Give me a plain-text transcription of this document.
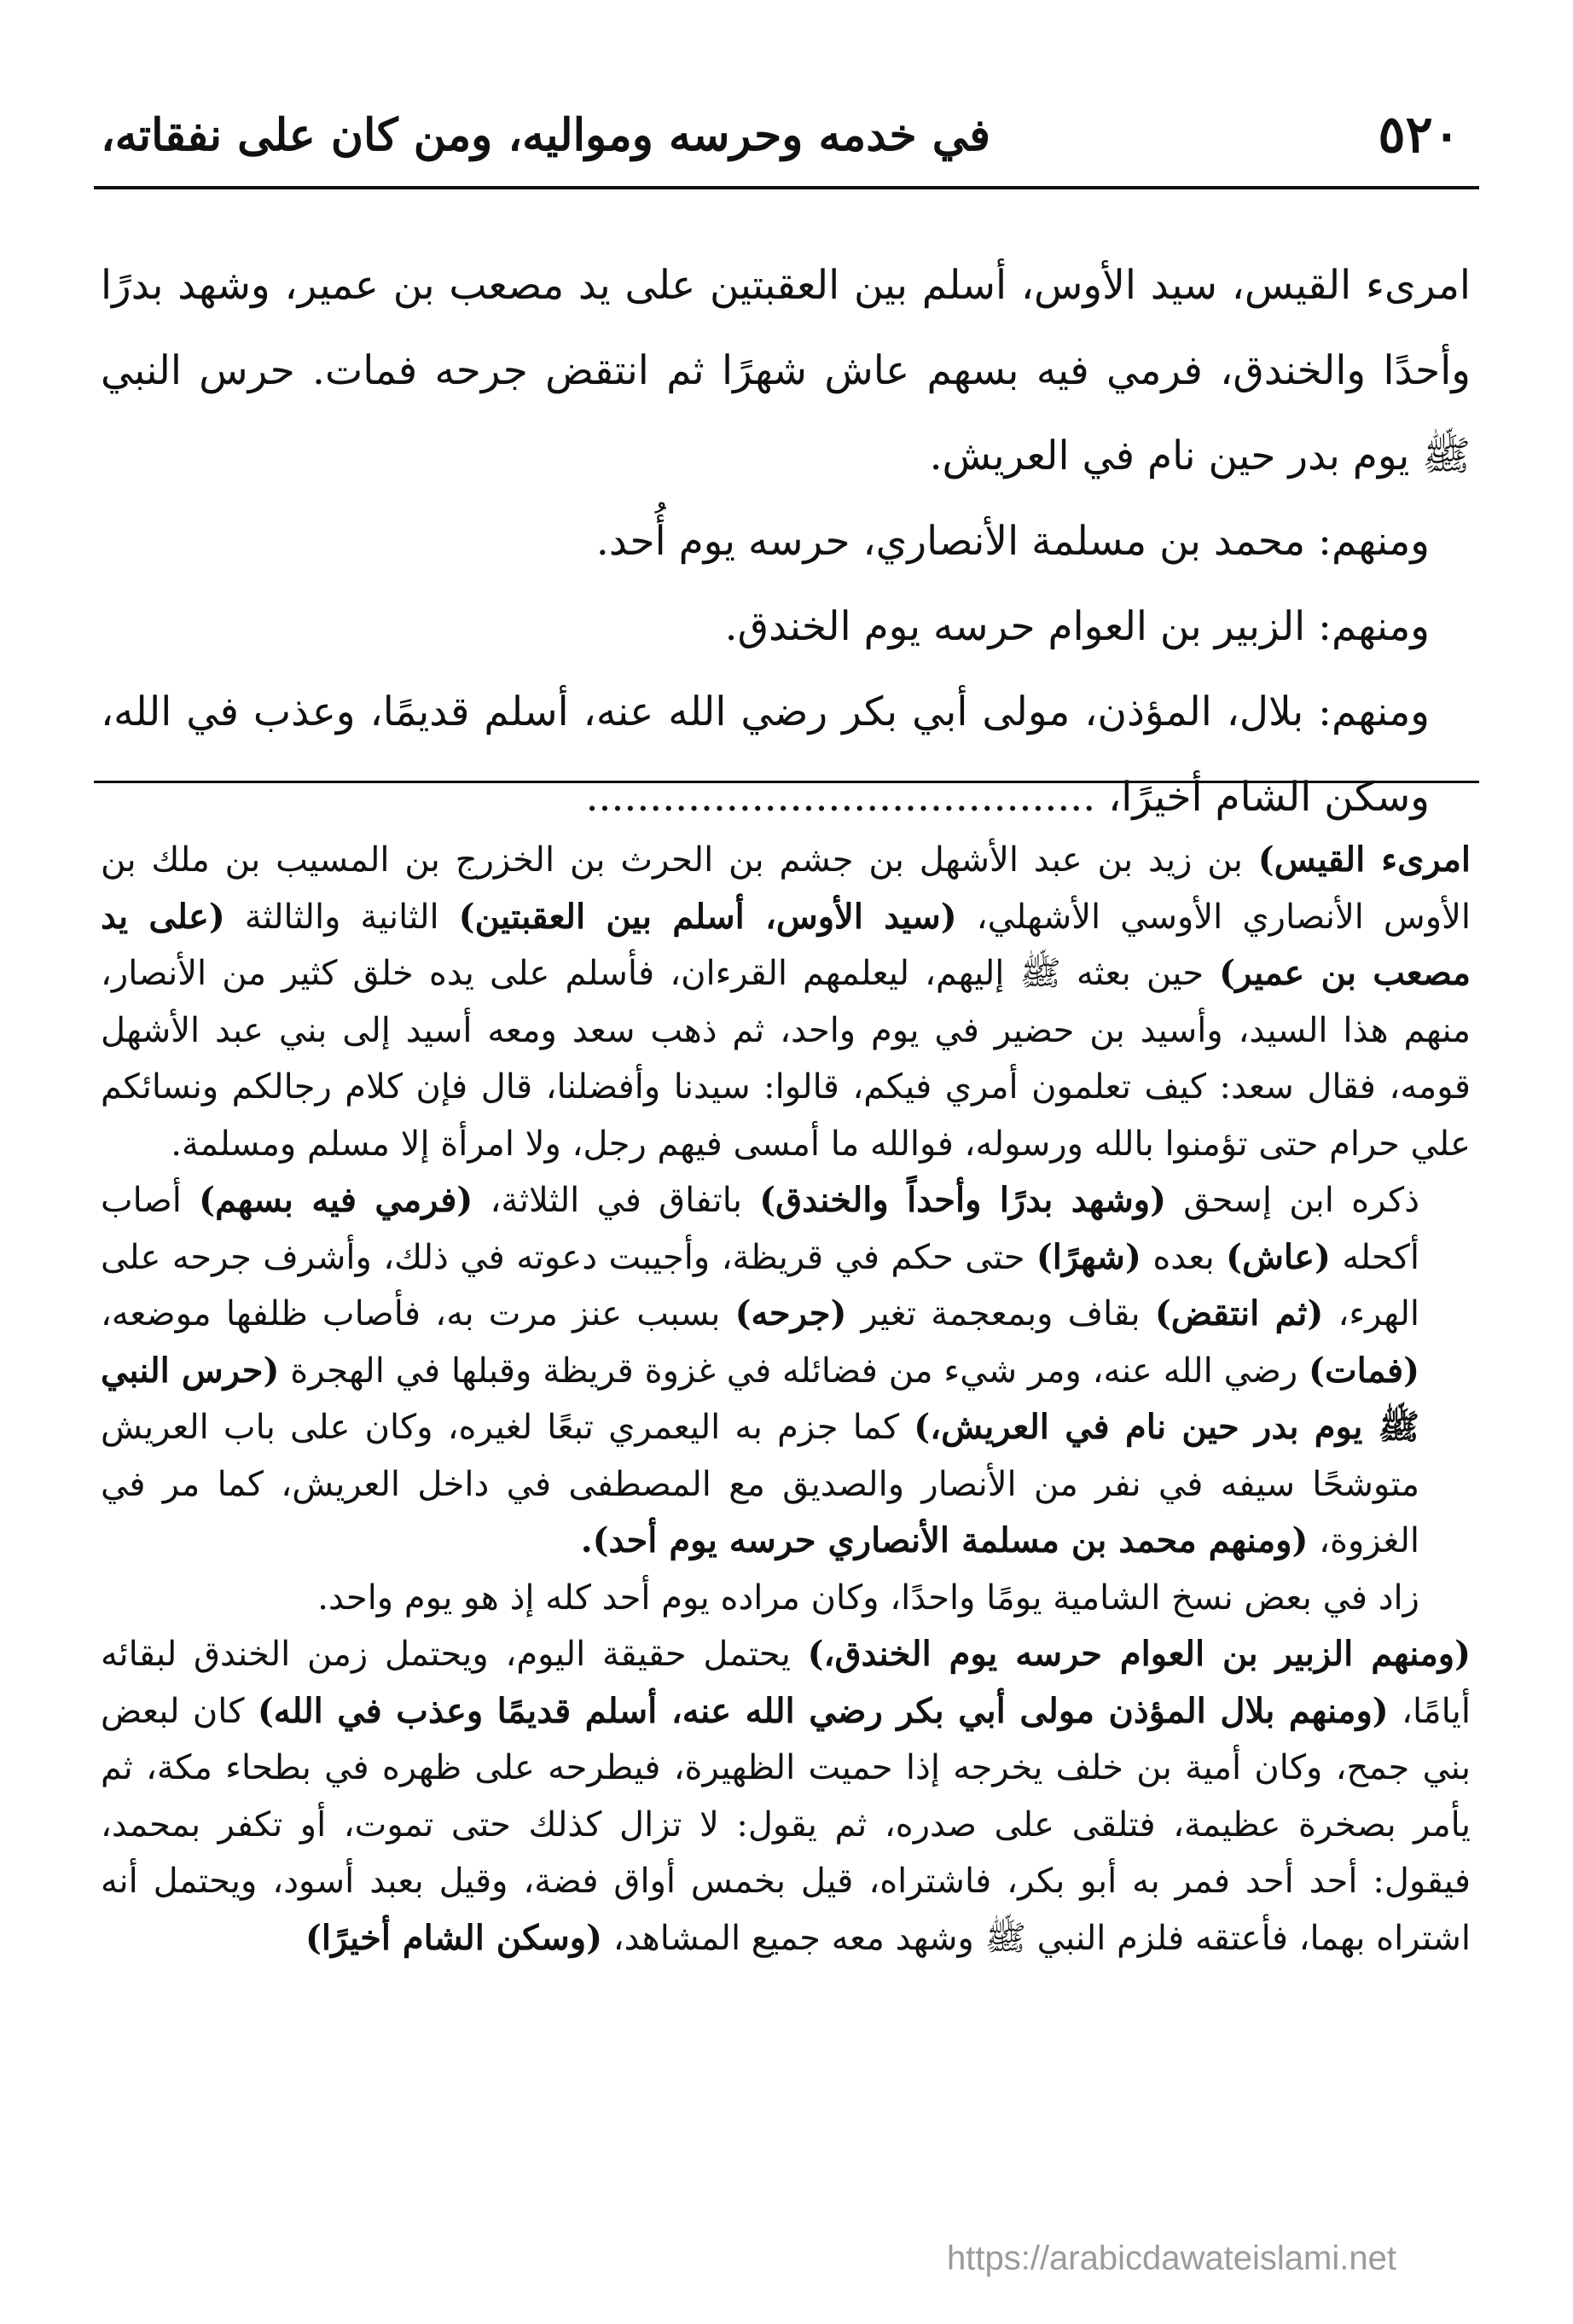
٥٢٠
في خدمه وحرسه ومواليه، ومن كان على نفقاته،

امرىء القيس، سيد الأوس، أسلم بين العقبتين على يد مصعب بن عمير، وشهد بدرًا وأحدًا والخندق، فرمي فيه بسهم عاش شهرًا ثم انتقض جرحه فمات. حرس النبي ﷺ يوم بدر حين نام في العريش.

ومنهم: محمد بن مسلمة الأنصاري، حرسه يوم أُحد.

ومنهم: الزبير بن العوام حرسه يوم الخندق.

ومنهم: بلال، المؤذن، مولى أبي بكر رضي الله عنه، أسلم قديمًا، وعذب في الله، وسكن الشام أخيرًا، ........................................

امرىء القيس) بن زيد بن عبد الأشهل بن جشم بن الحرث بن الخزرج بن المسيب بن ملك بن الأوس الأنصاري الأوسي الأشهلي، (سيد الأوس، أسلم بين العقبتين) الثانية والثالثة (على يد مصعب بن عمير) حين بعثه ﷺ إليهم، ليعلمهم القرءان، فأسلم على يده خلق كثير من الأنصار، منهم هذا السيد، وأسيد بن حضير في يوم واحد، ثم ذهب سعد ومعه أسيد إلى بني عبد الأشهل قومه، فقال سعد: كيف تعلمون أمري فيكم، قالوا: سيدنا وأفضلنا، قال فإن كلام رجالكم ونسائكم علي حرام حتى تؤمنوا بالله ورسوله، فوالله ما أمسى فيهم رجل، ولا امرأة إلا مسلم ومسلمة.

ذكره ابن إسحق (وشهد بدرًا وأحداً والخندق) باتفاق في الثلاثة، (فرمي فيه بسهم) أصاب أكحله (عاش) بعده (شهرًا) حتى حكم في قريظة، وأجيبت دعوته في ذلك، وأشرف جرحه على الهرء، (ثم انتقض) بقاف وبمعجمة تغير (جرحه) بسبب عنز مرت به، فأصاب ظلفها موضعه، (فمات) رضي الله عنه، ومر شيء من فضائله في غزوة قريظة وقبلها في الهجرة (حرس النبي ﷺ يوم بدر حين نام في العريش،) كما جزم به اليعمري تبعًا لغيره، وكان على باب العريش متوشحًا سيفه في نفر من الأنصار والصديق مع المصطفى في داخل العريش، كما مر في الغزوة، (ومنهم محمد بن مسلمة الأنصاري حرسه يوم أحد).

زاد في بعض نسخ الشامية يومًا واحدًا، وكان مراده يوم أحد كله إذ هو يوم واحد.

(ومنهم الزبير بن العوام حرسه يوم الخندق،) يحتمل حقيقة اليوم، ويحتمل زمن الخندق لبقائه أيامًا، (ومنهم بلال المؤذن مولى أبي بكر رضي الله عنه، أسلم قديمًا وعذب في الله) كان لبعض بني جمح، وكان أمية بن خلف يخرجه إذا حميت الظهيرة، فيطرحه على ظهره في بطحاء مكة، ثم يأمر بصخرة عظيمة، فتلقى على صدره، ثم يقول: لا تزال كذلك حتى تموت، أو تكفر بمحمد، فيقول: أحد أحد فمر به أبو بكر، فاشتراه، قيل بخمس أواق فضة، وقيل بعبد أسود، ويحتمل أنه اشتراه بهما، فأعتقه فلزم النبي ﷺ وشهد معه جميع المشاهد، (وسكن الشام أخيرًا)

https://arabicdawateislami.net
